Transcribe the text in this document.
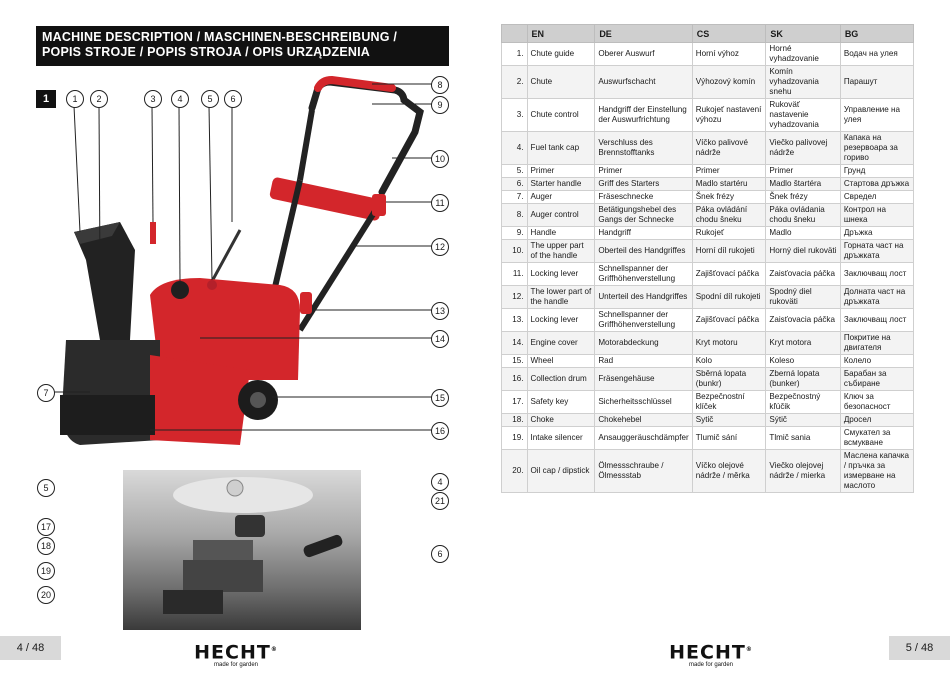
MACHINE DESCRIPTION / MASCHINEN-BESCHREIBUNG /
POPIS STROJE / POPIS STROJA / OPIS URZĄDZENIA
1	1	2	3	4	5	6
8
9
10
11
12
13
14
7	15
16
4
5
21
17
18
19
20
6
4 / 48	HECHT®
made for garden
	EN	DE	CS	SK	BG
1.	Chute guide	Oberer Auswurf	Horní výhoz	Horné vyhadzovanie	Водач на улея
2.	Chute	Auswurfschacht	Výhozový komín	Komín vyhadzovania snehu	Парашут
3.	Chute control	Handgriff der Einstellung der Auswurfrichtung	Rukojeť nastavení výhozu	Rukoväť nastavenie vyhadzovania	Управление на улея
4.	Fuel tank cap	Verschluss des Brennstofftanks	Víčko palivové nádrže	Viečko palivovej nádrže	Капака на резервоара за гориво
5.	Primer	Primer	Primer	Primer	Грунд
6.	Starter handle	Griff des Starters	Madlo startéru	Madlo štartéra	Стартова дръжка
7.	Auger	Fräseschnecke	Šnek frézy	Šnek frézy	Свредел
8.	Auger control	Betätigungshebel des Gangs der Schnecke	Páka ovládání chodu šneku	Páka ovládania chodu šneku	Контрол на шнека
9.	Handle	Handgriff	Rukojeť	Madlo	Дръжка
10.	The upper part of the handle	Oberteil des Handgriffes	Horní díl rukojeti	Horný diel rukoväti	Горната част на дръжката
11.	Locking lever	Schnellspanner der Griffhöhenverstellung	Zajišťovací páčka	Zaisťovacia páčka	Заключващ лост
12.	The lower part of the handle	Unterteil des Handgriffes	Spodní díl rukojeti	Spodný diel rukoväti	Долната част на дръжката
13.	Locking lever	Schnellspanner der Griffhöhenverstellung	Zajišťovací páčka	Zaisťovacia páčka	Заключващ лост
14.	Engine cover	Motorabdeckung	Kryt motoru	Kryt motora	Покритие на двигателя
15.	Wheel	Rad	Kolo	Koleso	Колело
16.	Collection drum	Fräsengehäuse	Sběrná lopata (bunkr)	Zberná lopata (bunker)	Барабан за събиране
17.	Safety key	Sicherheitsschlüssel	Bezpečnostní klíček	Bezpečnostný kľúčik	Ключ за безопасност
18.	Choke	Chokehebel	Sytič	Sýtič	Дросел
19.	Intake silencer	Ansauggeräuschdämpfer	Tlumič sání	Tlmič sania	Смукател за всмукване
20.	Oil cap / dipstick	Ölmessschraube / Ölmessstab	Víčko olejové nádrže / měrka	Viečko olejovej nádrže / mierka	Маслена капачка / пръчка за измерване на маслото
HECHT®
made for garden
5 / 48
